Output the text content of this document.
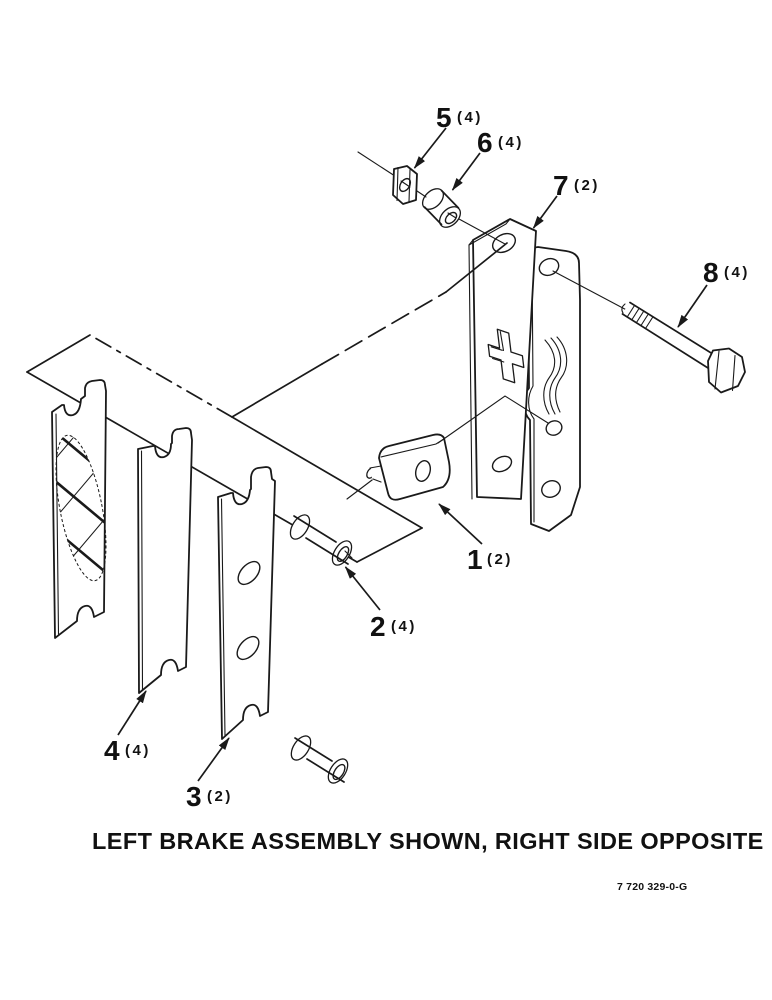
5 (4)
6 (4)
7 (2)
8 (4)
1 (2)
2 (4)
4 (4)
3 (2)
LEFT BRAKE ASSEMBLY SHOWN, RIGHT SIDE OPPOSITE
7 720 329-0-G
